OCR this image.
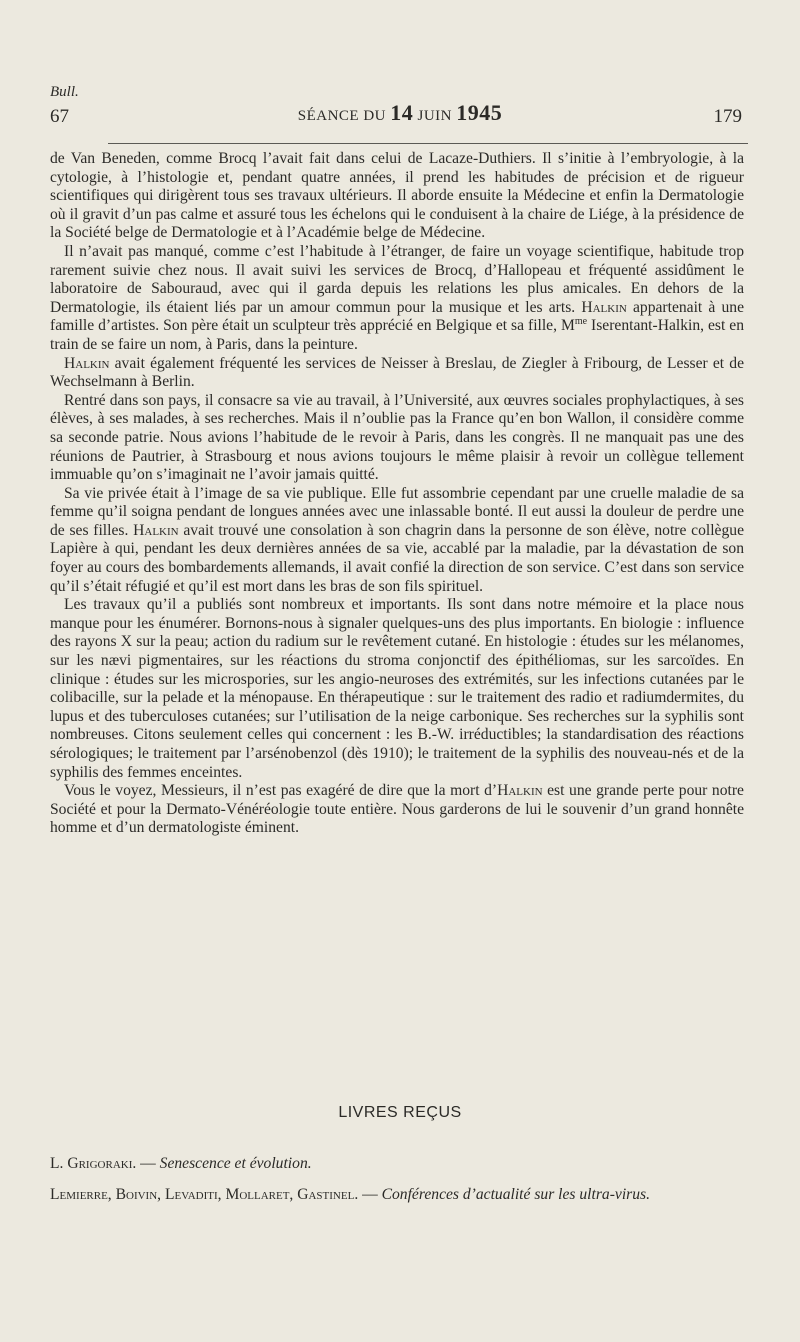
Bull.
67	SÉANCE DU 14 JUIN 1945	179

de Van Beneden, comme Brocq l’avait fait dans celui de Lacaze-Duthiers. Il s’initie à l’embryologie, à la cytologie, à l’histologie et, pendant quatre années, il prend les habitudes de précision et de rigueur scientifiques qui dirigèrent tous ses travaux ultérieurs. Il aborde ensuite la Médecine et enfin la Dermatologie où il gravit d’un pas calme et assuré tous les échelons qui le conduisent à la chaire de Liége, à la présidence de la Société belge de Dermatologie et à l’Académie belge de Médecine.

Il n’avait pas manqué, comme c’est l’habitude à l’étranger, de faire un voyage scientifique, habitude trop rarement suivie chez nous. Il avait suivi les services de Brocq, d’Hallopeau et fréquenté assidûment le laboratoire de Sabouraud, avec qui il garda depuis les relations les plus amicales. En dehors de la Dermatologie, ils étaient liés par un amour commun pour la musique et les arts. Halkin appartenait à une famille d’artistes. Son père était un sculpteur très apprécié en Belgique et sa fille, $M^{me}$ Iserentant-Halkin, est en train de se faire un nom, à Paris, dans la peinture.

Halkin avait également fréquenté les services de Neisser à Breslau, de Ziegler à Fribourg, de Lesser et de Wechselmann à Berlin.

Rentré dans son pays, il consacre sa vie au travail, à l’Université, aux œuvres sociales prophylactiques, à ses élèves, à ses malades, à ses recherches. Mais il n’oublie pas la France qu’en bon Wallon, il considère comme sa seconde patrie. Nous avions l’habitude de le revoir à Paris, dans les congrès. Il ne manquait pas une des réunions de Pautrier, à Strasbourg et nous avions toujours le même plaisir à revoir un collègue tellement immuable qu’on s’imaginait ne l’avoir jamais quitté.

Sa vie privée était à l’image de sa vie publique. Elle fut assombrie cependant par une cruelle maladie de sa femme qu’il soigna pendant de longues années avec une inlassable bonté. Il eut aussi la douleur de perdre une de ses filles. Halkin avait trouvé une consolation à son chagrin dans la personne de son élève, notre collègue Lapière à qui, pendant les deux dernières années de sa vie, accablé par la maladie, par la dévastation de son foyer au cours des bombardements allemands, il avait confié la direction de son service. C’est dans son service qu’il s’était réfugié et qu’il est mort dans les bras de son fils spirituel.

Les travaux qu’il a publiés sont nombreux et importants. Ils sont dans notre mémoire et la place nous manque pour les énumérer. Bornons-nous à signaler quelques-uns des plus importants. En biologie : influence des rayons X sur la peau; action du radium sur le revêtement cutané. En histologie : études sur les mélanomes, sur les nævi pigmentaires, sur les réactions du stroma conjonctif des épithéliomas, sur les sarcoïdes. En clinique : études sur les microspories, sur les angio-neuroses des extrémités, sur les infections cutanées par le colibacille, sur la pelade et la ménopause. En thérapeutique : sur le traitement des radio et radiumdermites, du lupus et des tuberculoses cutanées; sur l’utilisation de la neige carbonique. Ses recherches sur la syphilis sont nombreuses. Citons seulement celles qui concernent : les B.-W. irréductibles; la standardisation des réactions sérologiques; le traitement par l’arsénobenzol (dès 1910); le traitement de la syphilis des nouveau-nés et de la syphilis des femmes enceintes.

Vous le voyez, Messieurs, il n’est pas exagéré de dire que la mort d’Halkin est une grande perte pour notre Société et pour la Dermato-Vénéréologie toute entière. Nous garderons de lui le souvenir d’un grand honnête homme et d’un dermatologiste éminent.

LIVRES REÇUS

L. Grigoraki. — Senescence et évolution.

Lemierre, Boivin, Levaditi, Mollaret, Gastinel. — Conférences d’actualité sur les ultra-virus.
